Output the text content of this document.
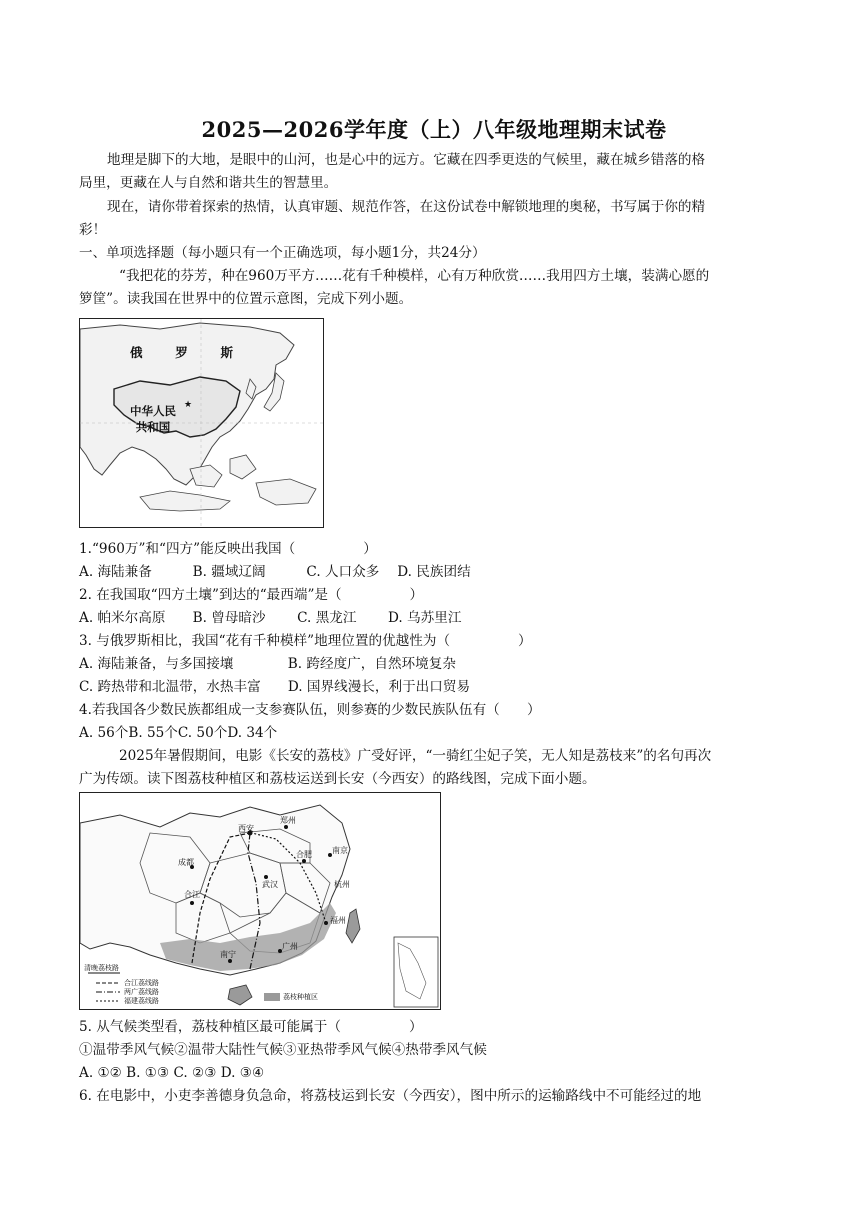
2025—2026学年度（上）八年级地理期末试卷
地理是脚下的大地，是眼中的山河，也是心中的远方。它藏在四季更迭的气候里，藏在城乡错落的格
局里，更藏在人与自然和谐共生的智慧里。
现在，请你带着探索的热情，认真审题、规范作答，在这份试卷中解锁地理的奥秘，书写属于你的精
彩！
一、单项选择题（每小题只有一个正确选项，每小题1分，共24分）
“我把花的芬芳，种在960万平方……花有千种模样，心有万种欣赏……我用四方土壤，装满心愿的
箩筐”。读我国在世界中的位置示意图，完成下列小题。
★
俄	罗	斯
中华人民
共和国
1.“960万”和“四方”能反映出我国（　　　　　）
A. 海陆兼备　　　B. 疆域辽阔　　　C. 人口众多　 D. 民族团结
2. 在我国取“四方土壤”到达的“最西端”是（　　　　　）
A. 帕米尔高原　　B. 曾母暗沙　　 C. 黑龙江　　 D. 乌苏里江
3. 与俄罗斯相比，我国“花有千种模样”地理位置的优越性为（　　　　　）
A. 海陆兼备，与多国接壤　　　　B. 跨经度广，自然环境复杂
C. 跨热带和北温带，水热丰富　　D. 国界线漫长，利于出口贸易
4.若我国各少数民族都组成一支参赛队伍，则参赛的少数民族队伍有（　　）
A. 56个B. 55个C. 50个D. 34个
2025年暑假期间，电影《长安的荔枝》广受好评，“一骑红尘妃子笑，无人知是荔枝来”的名句再次
广为传颂。读下图荔枝种植区和荔枝运送到长安（今西安）的路线图，完成下面小题。
西安
郑州
成都
武汉
合肥	南京
杭州
合江
福州
广州
南宁
清晚荔枝路
合江荔线路
两广荔线路
福建荔线路	荔枝种植区
5. 从气候类型看，荔枝种植区最可能属于（　　　　　）
①温带季风气候②温带大陆性气候③亚热带季风气候④热带季风气候
A. ①② B. ①③ C. ②③ D. ③④
6. 在电影中，小吏李善德身负急命，将荔枝运到长安（今西安），图中所示的运输路线中不可能经过的地
